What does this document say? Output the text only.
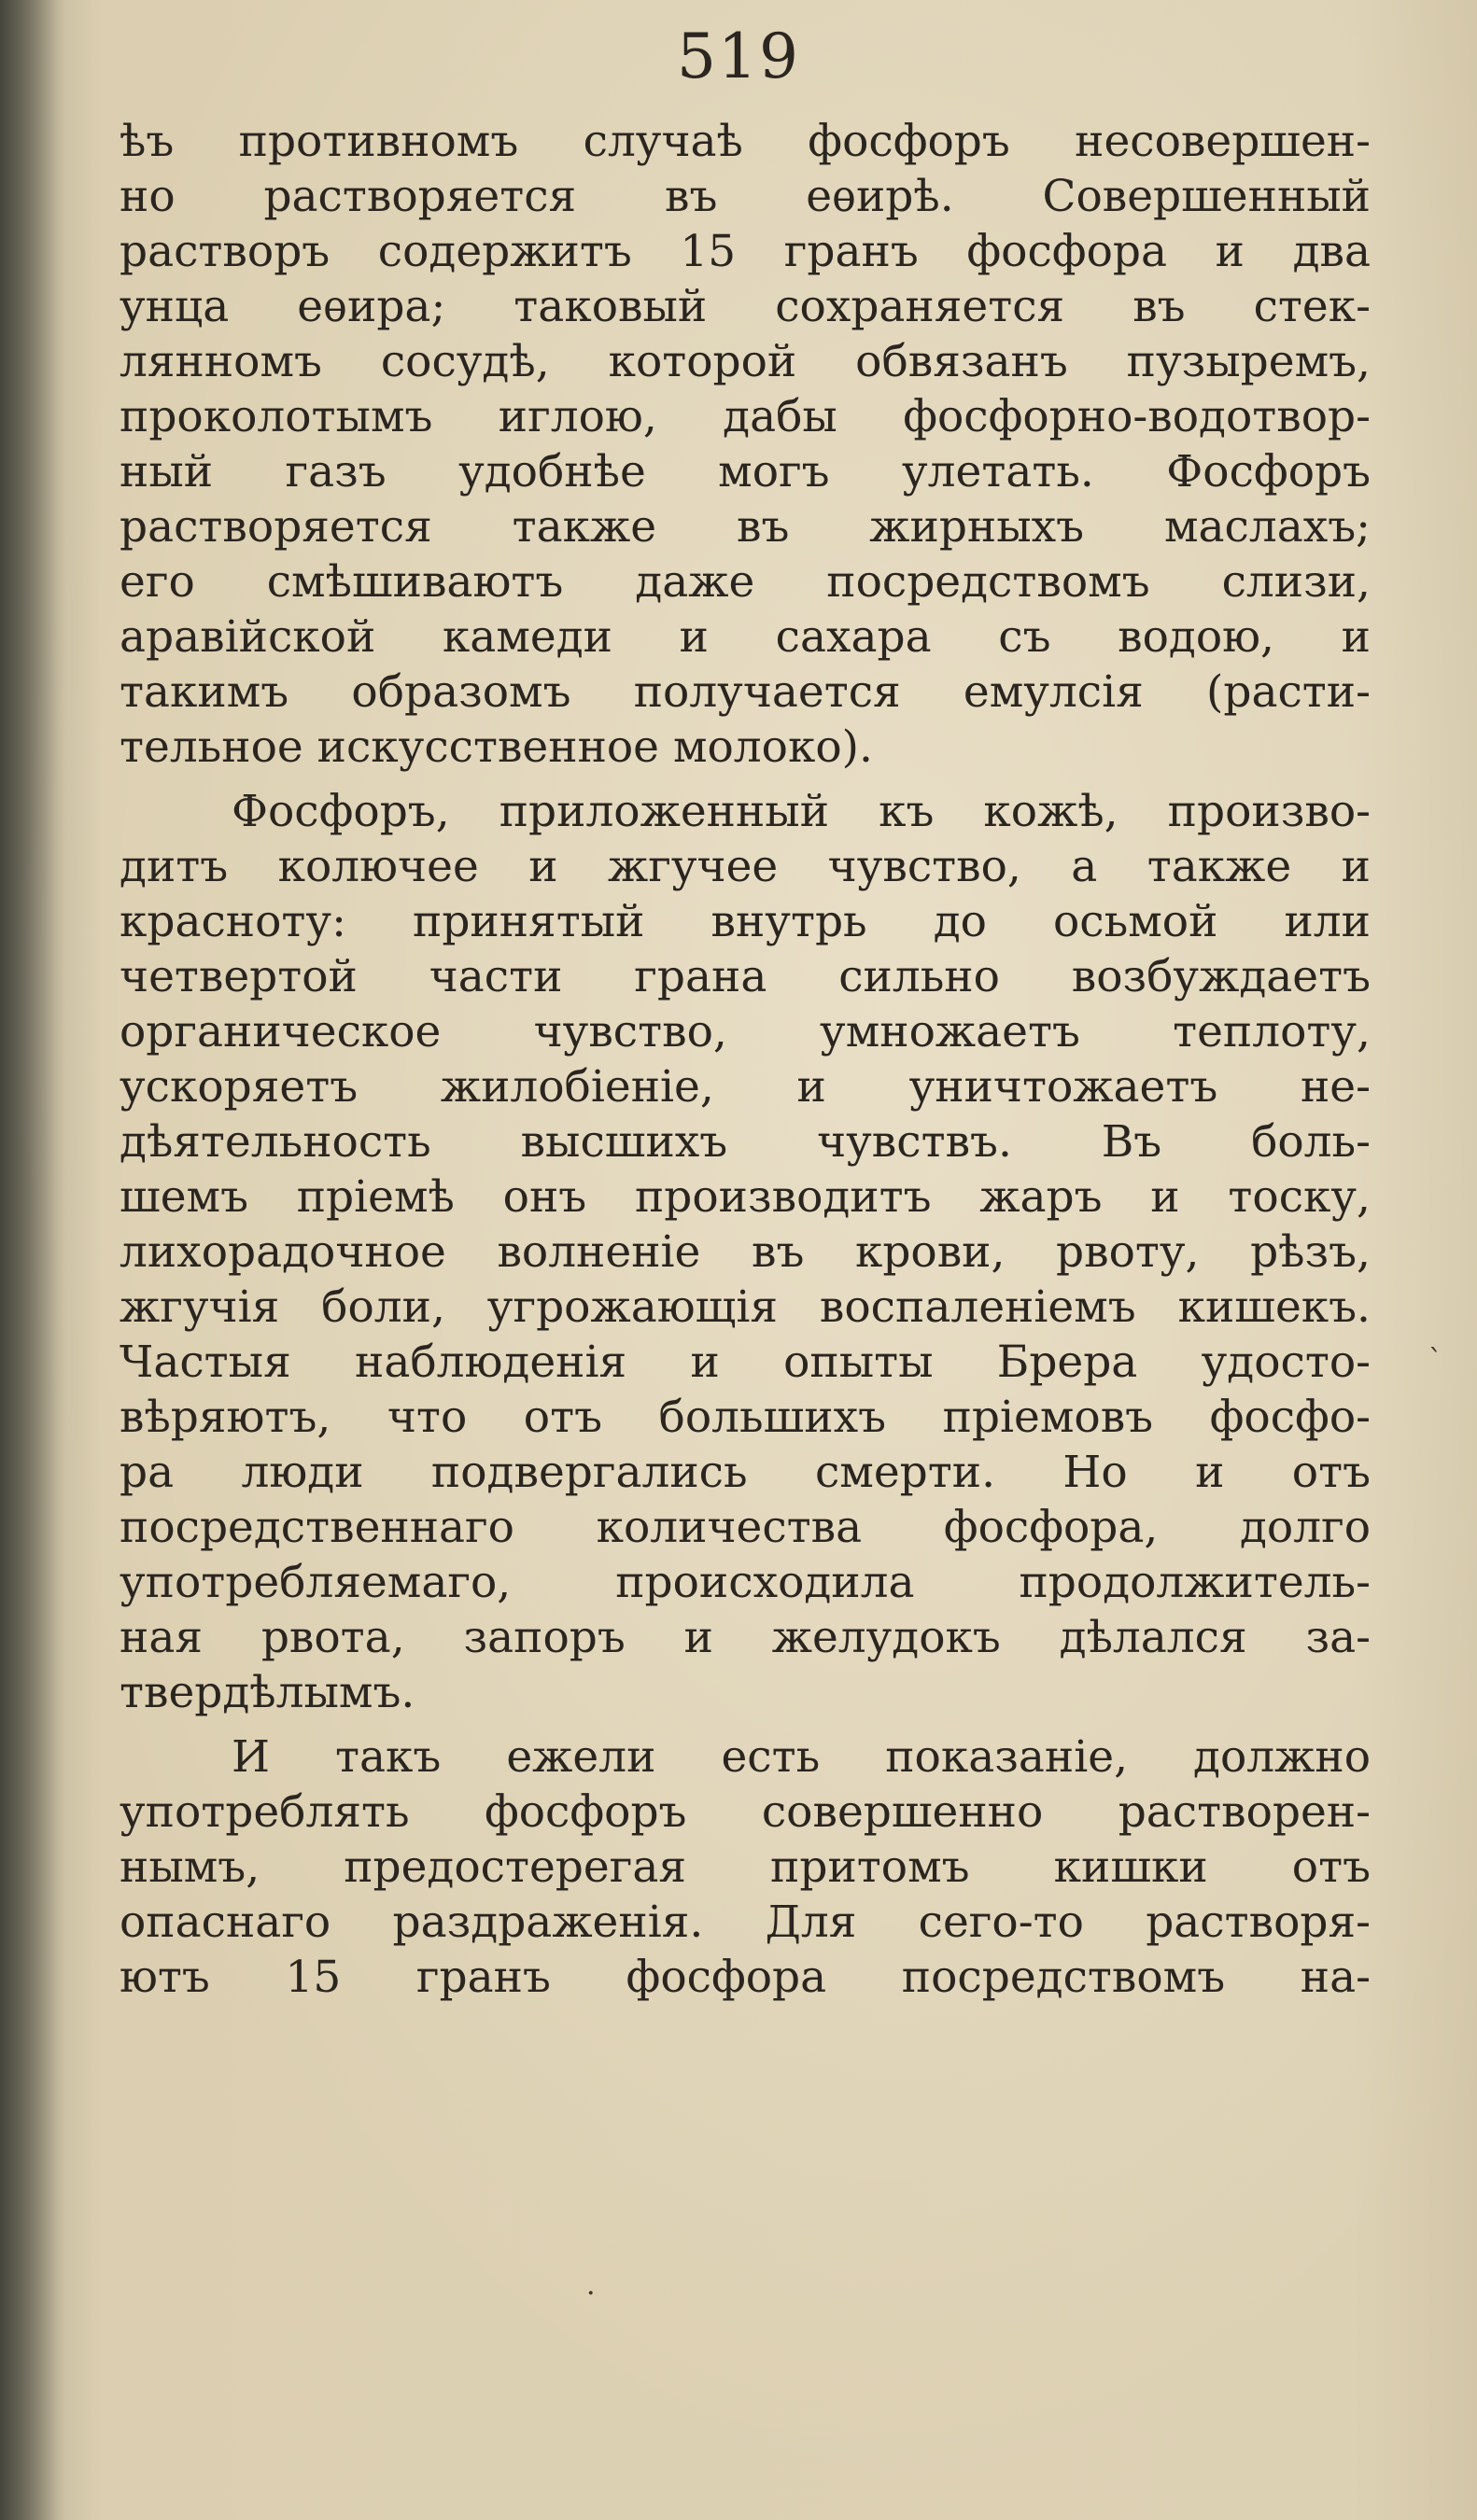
519
ѣъ противномъ случаѣ фосфоръ несовершен-
но растворяется въ еѳирѣ. Совершенный
растворъ содержитъ 15 гранъ фосфора и два
унца еѳира; таковый сохраняется въ стек-
лянномъ сосудѣ, которой обвязанъ пузыремъ,
проколотымъ иглою, дабы фосфорно-водотвор-
ный газъ удобнѣе могъ улетать. Фосфоръ
растворяется также въ жирныхъ маслахъ;
его смѣшиваютъ даже посредствомъ слизи,
аравійской камеди и сахара съ водою, и
такимъ образомъ получается емулсія (расти-
тельное искусственное молоко).
Фосфоръ, приложенный къ кожѣ, произво-
дитъ колючее и жгучее чувство, а также и
красноту: принятый внутрь до осьмой или
четвертой части грана сильно возбуждаетъ
органическое чувство, умножаетъ теплоту,
ускоряетъ жилобіеніе, и уничтожаетъ не-
дѣятельность высшихъ чувствъ. Въ боль-
шемъ пріемѣ онъ производитъ жаръ и тоску,
лихорадочное волненіе въ крови, рвоту, рѣзъ,
жгучія боли, угрожающія воспаленіемъ кишекъ.
Частыя наблюденія и опыты Брера удосто-
вѣряютъ, что отъ большихъ пріемовъ фосфо-
ра люди подвергались смерти. Но и отъ
посредственнаго количества фосфора, долго
употребляемаго, происходила продолжитель-
ная рвота, запоръ и желудокъ дѣлался за-
твердѣлымъ.
И такъ ежели есть показаніе, должно
употреблять фосфоръ совершенно растворен-
нымъ, предостерегая притомъ кишки отъ
опаснаго раздраженія. Для сего-то растворя-
ютъ 15 гранъ фосфора посредствомъ на-
ˋ
·
